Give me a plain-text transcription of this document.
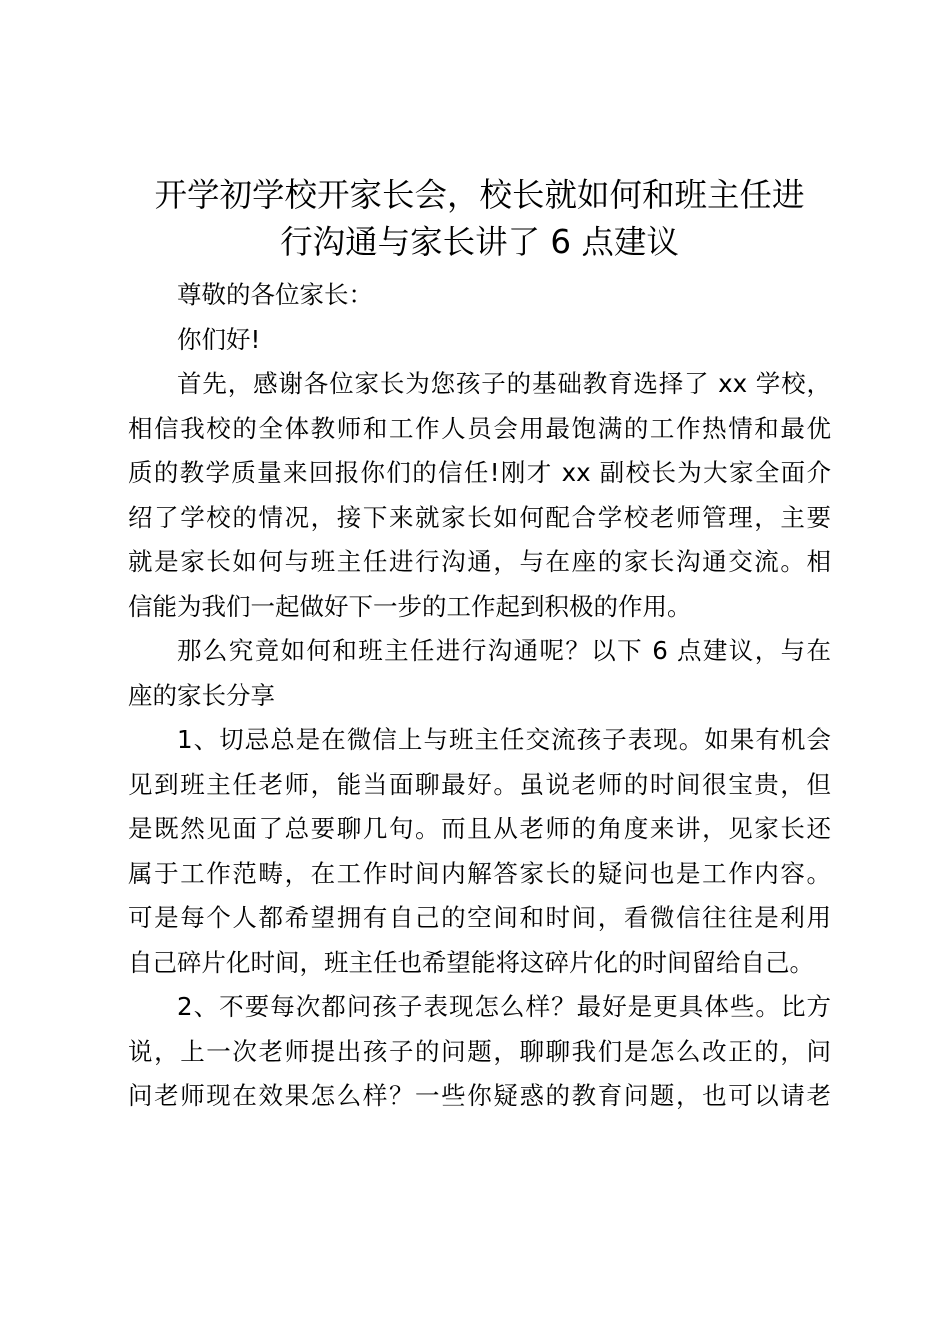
开学初学校开家长会，校长就如何和班主任进
行沟通与家长讲了 6 点建议
尊敬的各位家长：
你们好!
首先，感谢各位家长为您孩子的基础教育选择了 xx 学校，
相信我校的全体教师和工作人员会用最饱满的工作热情和最优
质的教学质量来回报你们的信任!刚才 xx 副校长为大家全面介
绍了学校的情况，接下来就家长如何配合学校老师管理，主要
就是家长如何与班主任进行沟通，与在座的家长沟通交流。相
信能为我们一起做好下一步的工作起到积极的作用。
那么究竟如何和班主任进行沟通呢？以下 6 点建议，与在
座的家长分享
1、切忌总是在微信上与班主任交流孩子表现。如果有机会
见到班主任老师，能当面聊最好。虽说老师的时间很宝贵，但
是既然见面了总要聊几句。而且从老师的角度来讲，见家长还
属于工作范畴，在工作时间内解答家长的疑问也是工作内容。
可是每个人都希望拥有自己的空间和时间，看微信往往是利用
自己碎片化时间，班主任也希望能将这碎片化的时间留给自己。
2、不要每次都问孩子表现怎么样？最好是更具体些。比方
说，上一次老师提出孩子的问题，聊聊我们是怎么改正的，问
问老师现在效果怎么样？一些你疑惑的教育问题，也可以请老
